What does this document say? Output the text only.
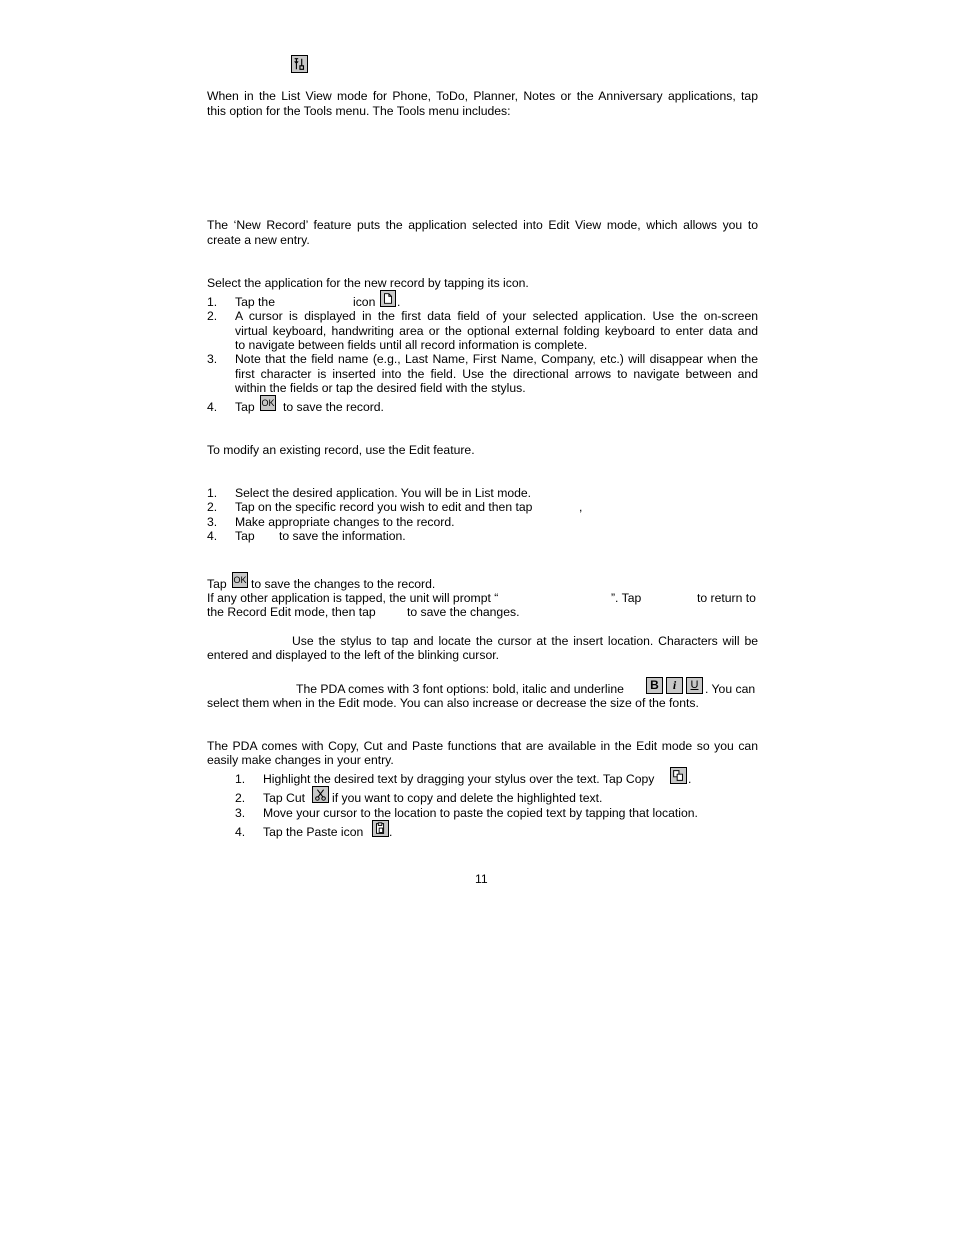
When in the List View mode for Phone, ToDo, Planner, Notes or the Anniversary applications, tap
this option for the Tools menu. The Tools menu includes:
The ‘New Record’ feature puts the application selected into Edit View mode, which allows you to
create a new entry.
Select the application for the new record by tapping its icon.
1. Tap the	icon .
2. A cursor is displayed in the first data field of your selected application. Use the on-screen
virtual keyboard, handwriting area or the optional external folding keyboard to enter data and
to navigate between fields until all record information is complete.
3. Note that the field name (e.g., Last Name, First Name, Company, etc.) will disappear when the
first character is inserted into the field. Use the directional arrows to navigate between and
within the fields or tap the desired field with the stylus.
4. Tap OK to save the record.
To modify an existing record, use the Edit feature.
1. Select the desired application. You will be in List mode.
2. Tap on the specific record you wish to edit and then tap	,
3. Make appropriate changes to the record.
4. Tap to save the information.
Tap OK to save the changes to the record.
If any other application is tapped, the unit will prompt “	”. Tap	to return to
the Record Edit mode, then tap	to save the changes.
Use the stylus to tap and locate the cursor at the insert location. Characters will be
entered and displayed to the left of the blinking cursor.
The PDA comes with 3 font options: bold, italic and underline	B	i	U . You can
select them when in the Edit mode. You can also increase or decrease the size of the fonts.
The PDA comes with Copy, Cut and Paste functions that are available in the Edit mode so you can
easily make changes in your entry.
1. Highlight the desired text by dragging your stylus over the text. Tap Copy	.
2. Tap Cut if you want to copy and delete the highlighted text.
3. Move your cursor to the location to paste the copied text by tapping that location.
4. Tap the Paste icon .
11
